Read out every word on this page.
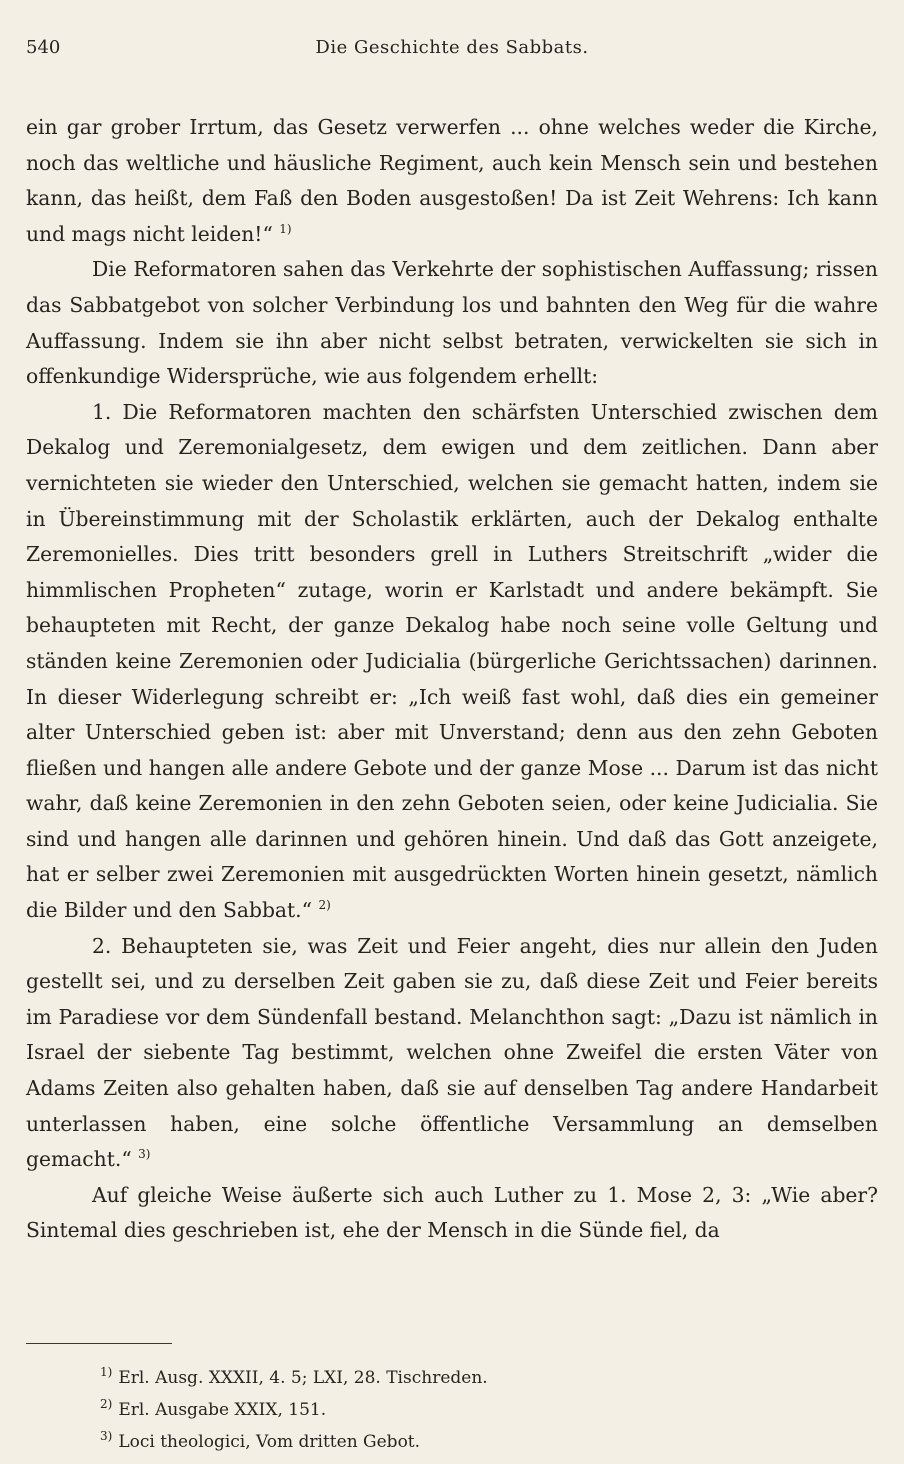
540	Die Geschichte des Sabbats.

ein gar grober Irrtum, das Gesetz verwerfen ... ohne welches weder die Kirche, noch das weltliche und häusliche Regiment, auch kein Mensch sein und bestehen kann, das heißt, dem Faß den Boden ausgestoßen! Da ist Zeit Wehrens: Ich kann und mags nicht leiden!“ $^{1)}$

Die Reformatoren sahen das Verkehrte der sophistischen Auffassung; rissen das Sabbatgebot von solcher Verbindung los und bahnten den Weg für die wahre Auffassung. Indem sie ihn aber nicht selbst betraten, verwickelten sie sich in offenkundige Widersprüche, wie aus folgendem erhellt:

1. Die Reformatoren machten den schärfsten Unterschied zwischen dem Dekalog und Zeremonialgesetz, dem ewigen und dem zeitlichen. Dann aber vernichteten sie wieder den Unterschied, welchen sie gemacht hatten, indem sie in Übereinstimmung mit der Scholastik erklärten, auch der Dekalog enthalte Zeremonielles. Dies tritt besonders grell in Luthers Streitschrift „wider die himmlischen Propheten“ zutage, worin er Karlstadt und andere bekämpft. Sie behaupteten mit Recht, der ganze Dekalog habe noch seine volle Geltung und ständen keine Zeremonien oder Judicialia (bürgerliche Gerichtssachen) darinnen. In dieser Widerlegung schreibt er: „Ich weiß fast wohl, daß dies ein gemeiner alter Unterschied geben ist: aber mit Unverstand; denn aus den zehn Geboten fließen und hangen alle andere Gebote und der ganze Mose ... Darum ist das nicht wahr, daß keine Zeremonien in den zehn Geboten seien, oder keine Judicialia. Sie sind und hangen alle darinnen und gehören hinein. Und daß das Gott anzeigete, hat er selber zwei Zeremonien mit ausgedrückten Worten hinein gesetzt, nämlich die Bilder und den Sabbat.“ $^{2)}$

2. Behaupteten sie, was Zeit und Feier angeht, dies nur allein den Juden gestellt sei, und zu derselben Zeit gaben sie zu, daß diese Zeit und Feier bereits im Paradiese vor dem Sündenfall bestand. Melanchthon sagt: „Dazu ist nämlich in Israel der siebente Tag bestimmt, welchen ohne Zweifel die ersten Väter von Adams Zeiten also gehalten haben, daß sie auf denselben Tag andere Handarbeit unterlassen haben, eine solche öffentliche Versammlung an demselben gemacht.“ $^{3)}$

Auf gleiche Weise äußerte sich auch Luther zu 1. Mose 2, 3: „Wie aber? Sintemal dies geschrieben ist, ehe der Mensch in die Sünde fiel, da

$^{1)}$ Erl. Ausg. XXXII, 4. 5; LXI, 28. Tischreden.
$^{2)}$ Erl. Ausgabe XXIX, 151.
$^{3)}$ Loci theologici, Vom dritten Gebot.
